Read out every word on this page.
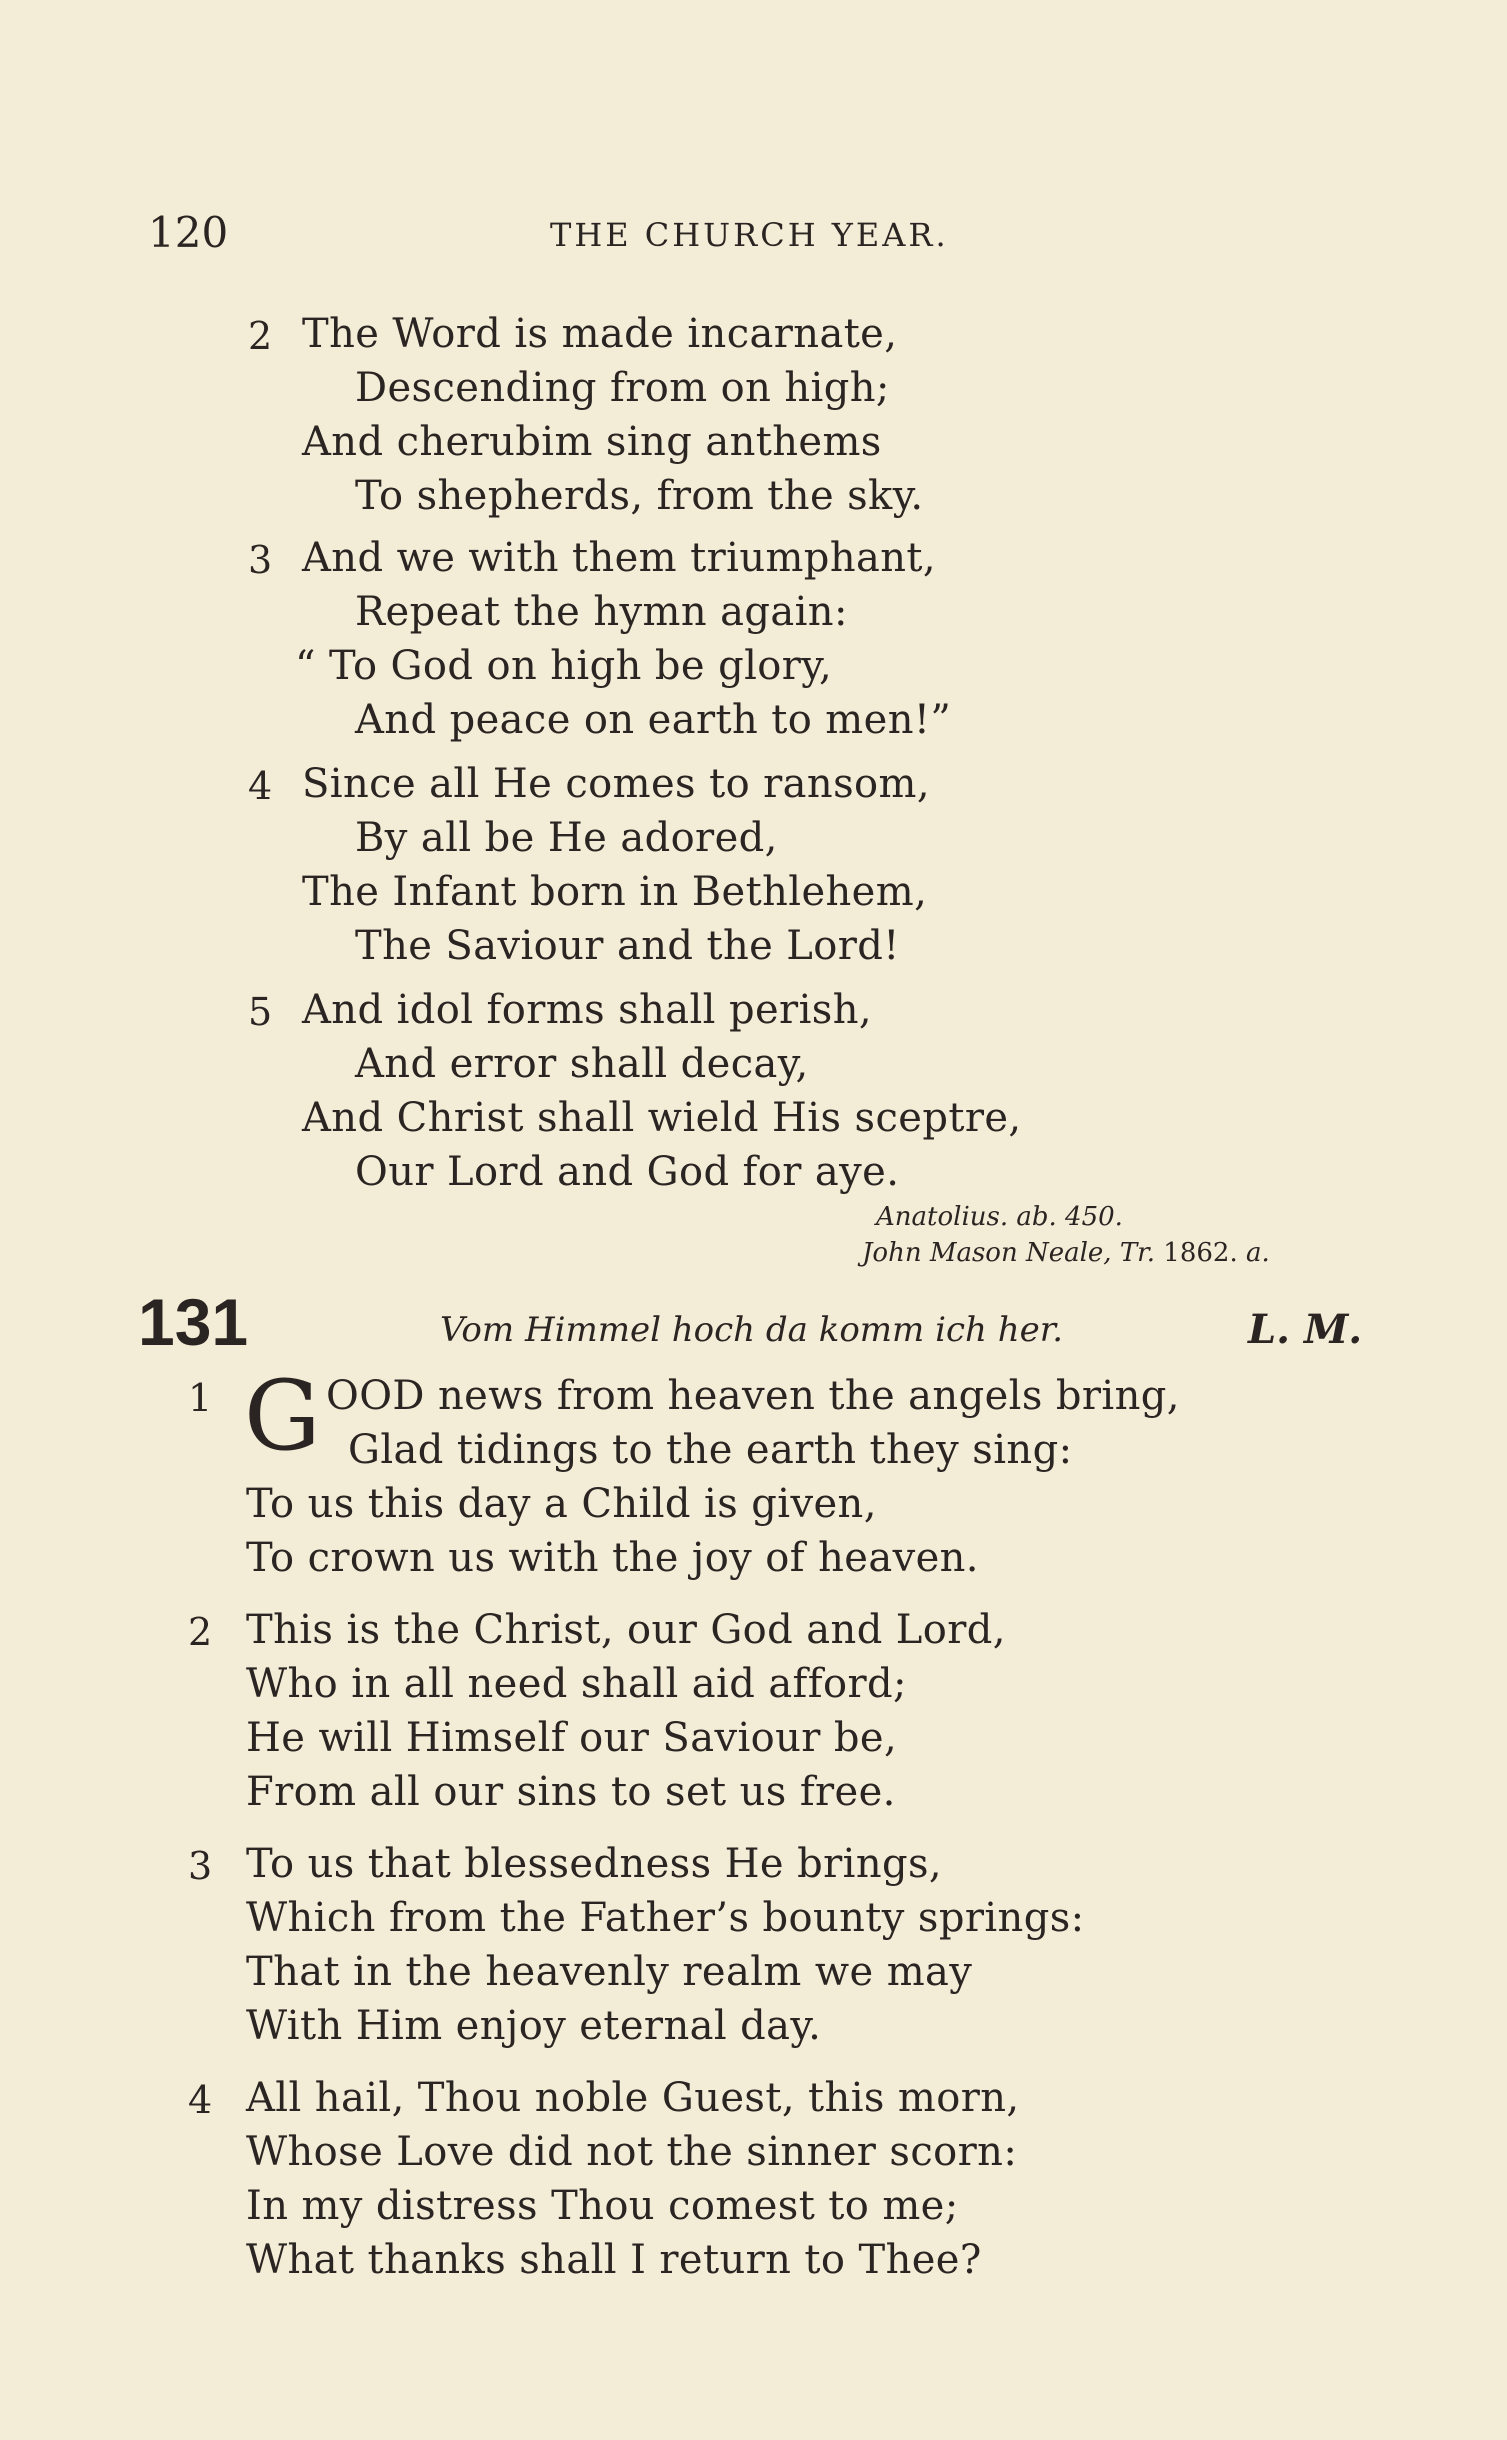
120	THE CHURCH YEAR.
2 The Word is made incarnate,
Descending from on high;
And cherubim sing anthems
To shepherds, from the sky.
3 And we with them triumphant,
Repeat the hymn again:
“ To God on high be glory,
And peace on earth to men!”
4 Since all He comes to ransom,
By all be He adored,
The Infant born in Bethlehem,
The Saviour and the Lord!
5 And idol forms shall perish,
And error shall decay,
And Christ shall wield His sceptre,
Our Lord and God for aye.
Anatolius. ab. 450.
John Mason Neale, Tr. 1862. a.
131	Vom Himmel hoch da komm ich her.	L. M.
1 G OOD news from heaven the angels bring,
Glad tidings to the earth they sing:
To us this day a Child is given,
To crown us with the joy of heaven.
2 This is the Christ, our God and Lord,
Who in all need shall aid afford;
He will Himself our Saviour be,
From all our sins to set us free.
3 To us that blessedness He brings,
Which from the Father’s bounty springs:
That in the heavenly realm we may
With Him enjoy eternal day.
4 All hail, Thou noble Guest, this morn,
Whose Love did not the sinner scorn:
In my distress Thou comest to me;
What thanks shall I return to Thee?
